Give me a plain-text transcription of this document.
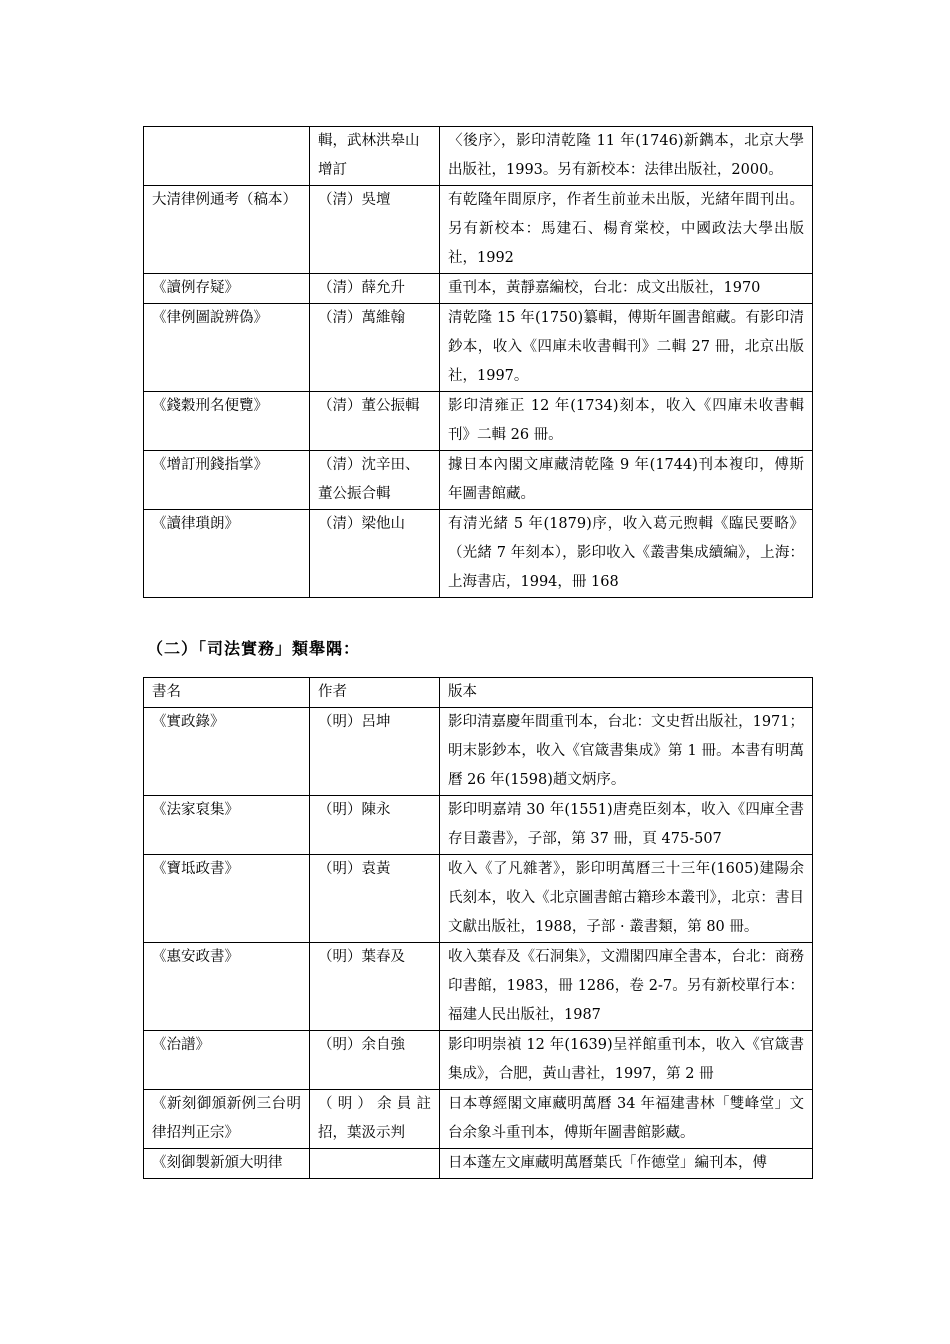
	輯，武林洪皋山增訂	〈後序〉，影印清乾隆 11 年(1746)新鐫本，北京大學出版社，1993。另有新校本：法律出版社，2000。
大清律例通考（稿本）	（清）吳壇	有乾隆年間原序，作者生前並未出版，光緒年間刊出。另有新校本：馬建石、楊育棠校，中國政法大學出版社，1992
《讀例存疑》	（清）薛允升	重刊本，黃靜嘉編校，台北：成文出版社，1970
《律例圖說辨偽》	（清）萬維翰	清乾隆 15 年(1750)纂輯，傅斯年圖書館藏。有影印清鈔本，收入《四庫未收書輯刊》二輯 27 冊，北京出版社，1997。
《錢穀刑名便覽》	（清）董公振輯	影印清雍正 12 年(1734)刻本，收入《四庫未收書輯刊》二輯 26 冊。
《增訂刑錢指掌》	（清）沈辛田、董公振合輯	據日本內閣文庫藏清乾隆 9 年(1744)刊本複印，傅斯年圖書館藏。
《讀律瑣朗》	（清）梁他山	有清光緒 5 年(1879)序，收入葛元煦輯《臨民要略》（光緒 7 年刻本），影印收入《叢書集成續編》，上海：上海書店，1994，冊 168
（二）「司法實務」類舉隅：
書名	作者	版本
《實政錄》	（明）呂坤	影印清嘉慶年間重刊本，台北：文史哲出版社，1971；明末影鈔本，收入《官箴書集成》第 1 冊。本書有明萬曆 26 年(1598)趙文炳序。
《法家裒集》	（明）陳永	影印明嘉靖 30 年(1551)唐堯臣刻本，收入《四庫全書存目叢書》，子部，第 37 冊，頁 475-507
《寶坻政書》	（明）袁黃	收入《了凡雜著》，影印明萬曆三十三年(1605)建陽余氏刻本，收入《北京圖書館古籍珍本叢刊》，北京：書目文獻出版社，1988，子部 · 叢書類，第 80 冊。
《惠安政書》	（明）葉春及	收入葉春及《石洞集》，文淵閣四庫全書本，台北：商務印書館，1983，冊 1286，卷 2-7。另有新校單行本：福建人民出版社，1987
《治譜》	（明）余自強	影印明崇禎 12 年(1639)呈祥館重刊本，收入《官箴書集成》，合肥，黃山書社，1997，第 2 冊
《新刻御頒新例三台明律招判正宗》	（明）余員註招，葉汲示判	日本尊經閣文庫藏明萬曆 34 年福建書林「雙峰堂」文台余象斗重刊本，傅斯年圖書館影藏。
《刻御製新頒大明律		日本蓬左文庫藏明萬曆葉氏「作德堂」編刊本，傅
